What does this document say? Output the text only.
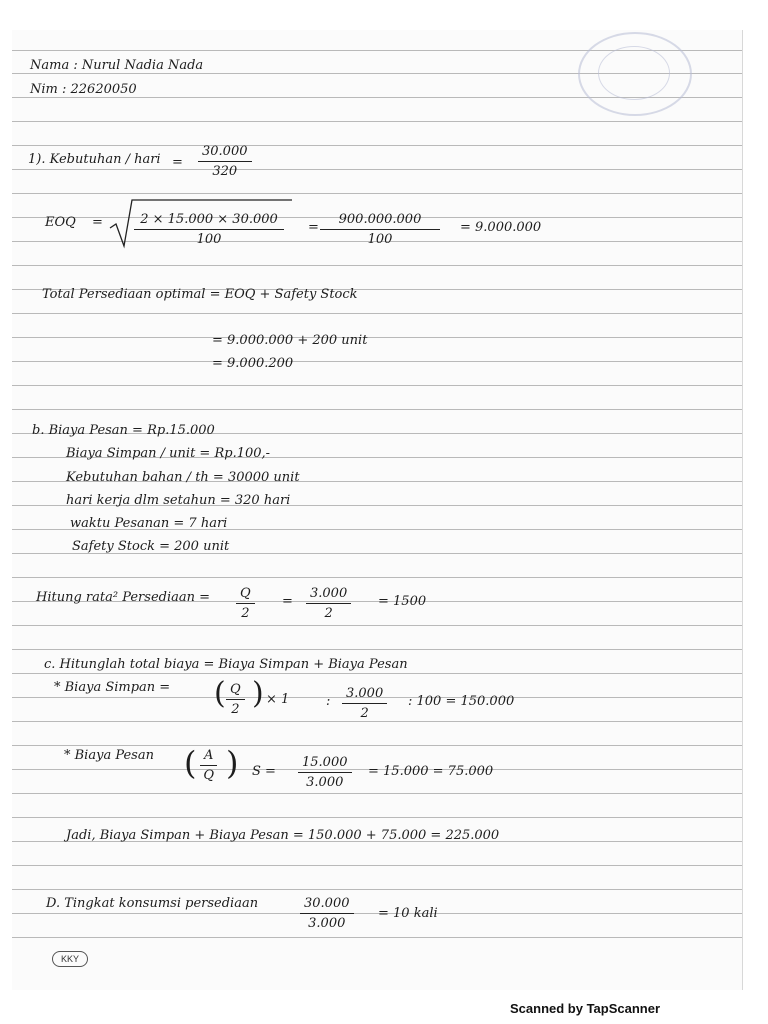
Nama : Nurul Nadia Nada
Nim : 22620050
1). Kebutuhan / hari =
30.000
320
EOQ =	2 × 15.000 × 30.000
100
=
900.000.000
100
= 9.000.000
Total Persediaan optimal = EOQ + Safety Stock
= 9.000.000 + 200 unit
= 9.000.200
b. Biaya Pesan = Rp.15.000
Biaya Simpan / unit = Rp.100,-
Kebutuhan bahan / th = 30000 unit
hari kerja dlm setahun = 320 hari
waktu Pesanan = 7 hari
Safety Stock = 200 unit
Hitung rata² Persediaan =	Q
2
=
3.000
2
= 1500
c. Hitunglah total biaya = Biaya Simpan + Biaya Pesan
* Biaya Simpan = ( Q
2 ) × 1	:
3.000
2
: 100 = 150.000
* Biaya Pesan ( A
Q ) S =
15.000
3.000
= 15.000 = 75.000
Jadi, Biaya Simpan + Biaya Pesan = 150.000 + 75.000 = 225.000
D. Tingkat konsumsi persediaan	30.000
3.000
= 10 kali
KKY
Scanned by TapScanner
